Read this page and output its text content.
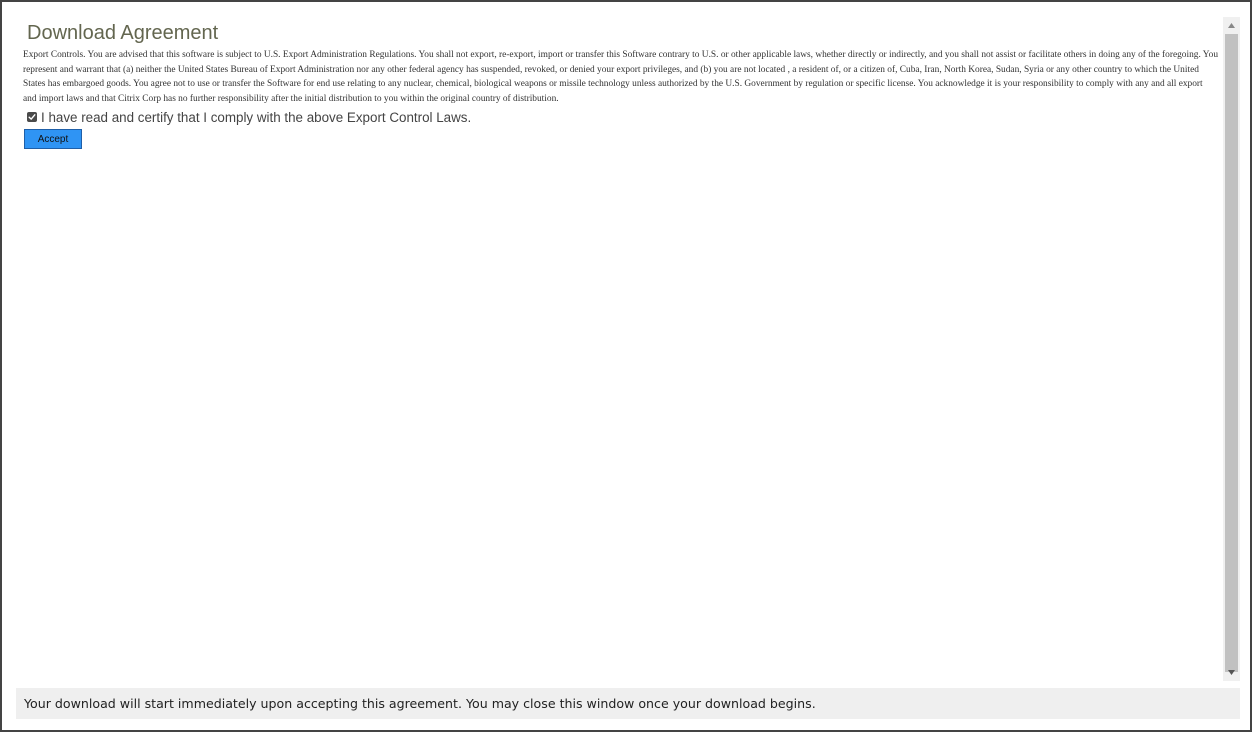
Download Agreement
Export Controls. You are advised that this software is subject to U.S. Export Administration Regulations. You shall not export, re-export, import or transfer this Software contrary to U.S. or other applicable laws, whether directly or indirectly, and you shall not assist or facilitate others in doing any of the foregoing. You represent and warrant that (a) neither the United States Bureau of Export Administration nor any other federal agency has suspended, revoked, or denied your export privileges, and (b) you are not located , a resident of, or a citizen of, Cuba, Iran, North Korea, Sudan, Syria or any other country to which the United States has embargoed goods. You agree not to use or transfer the Software for end use relating to any nuclear, chemical, biological weapons or missile technology unless authorized by the U.S. Government by regulation or specific license. You acknowledge it is your responsibility to comply with any and all export and import laws and that Citrix Corp has no further responsibility after the initial distribution to you within the original country of distribution.
I have read and certify that I comply with the above Export Control Laws.
Accept
Your download will start immediately upon accepting this agreement. You may close this window once your download begins.
